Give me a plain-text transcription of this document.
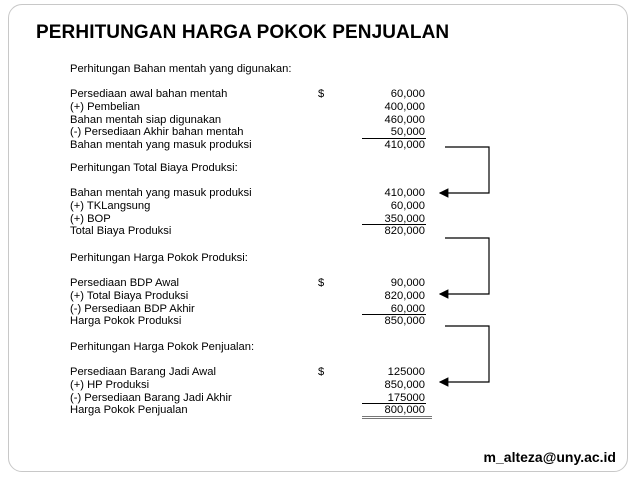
PERHITUNGAN HARGA POKOK PENJUALAN
Perhitungan Bahan mentah yang digunakan:
Persediaan awal bahan mentah	$	60,000
(+) Pembelian	400,000
Bahan mentah siap digunakan	460,000
(-) Persediaan Akhir bahan mentah	50,000
Bahan mentah yang masuk produksi	410,000
Perhitungan Total Biaya Produksi:
Bahan mentah yang masuk produksi	410,000
(+) TKLangsung	60,000
(+) BOP	350,000
Total Biaya Produksi	820,000
Perhitungan Harga Pokok Produksi:
Persediaan BDP Awal	$	90,000
(+) Total Biaya Produksi	820,000
(-) Persediaan BDP Akhir	60,000
Harga Pokok Produksi	850,000
Perhitungan Harga Pokok Penjualan:
Persediaan Barang Jadi Awal	$	125000
(+) HP Produksi	850,000
(-) Persediaan Barang Jadi Akhir	175000
Harga Pokok Penjualan	800,000
m_alteza@uny.ac.id
